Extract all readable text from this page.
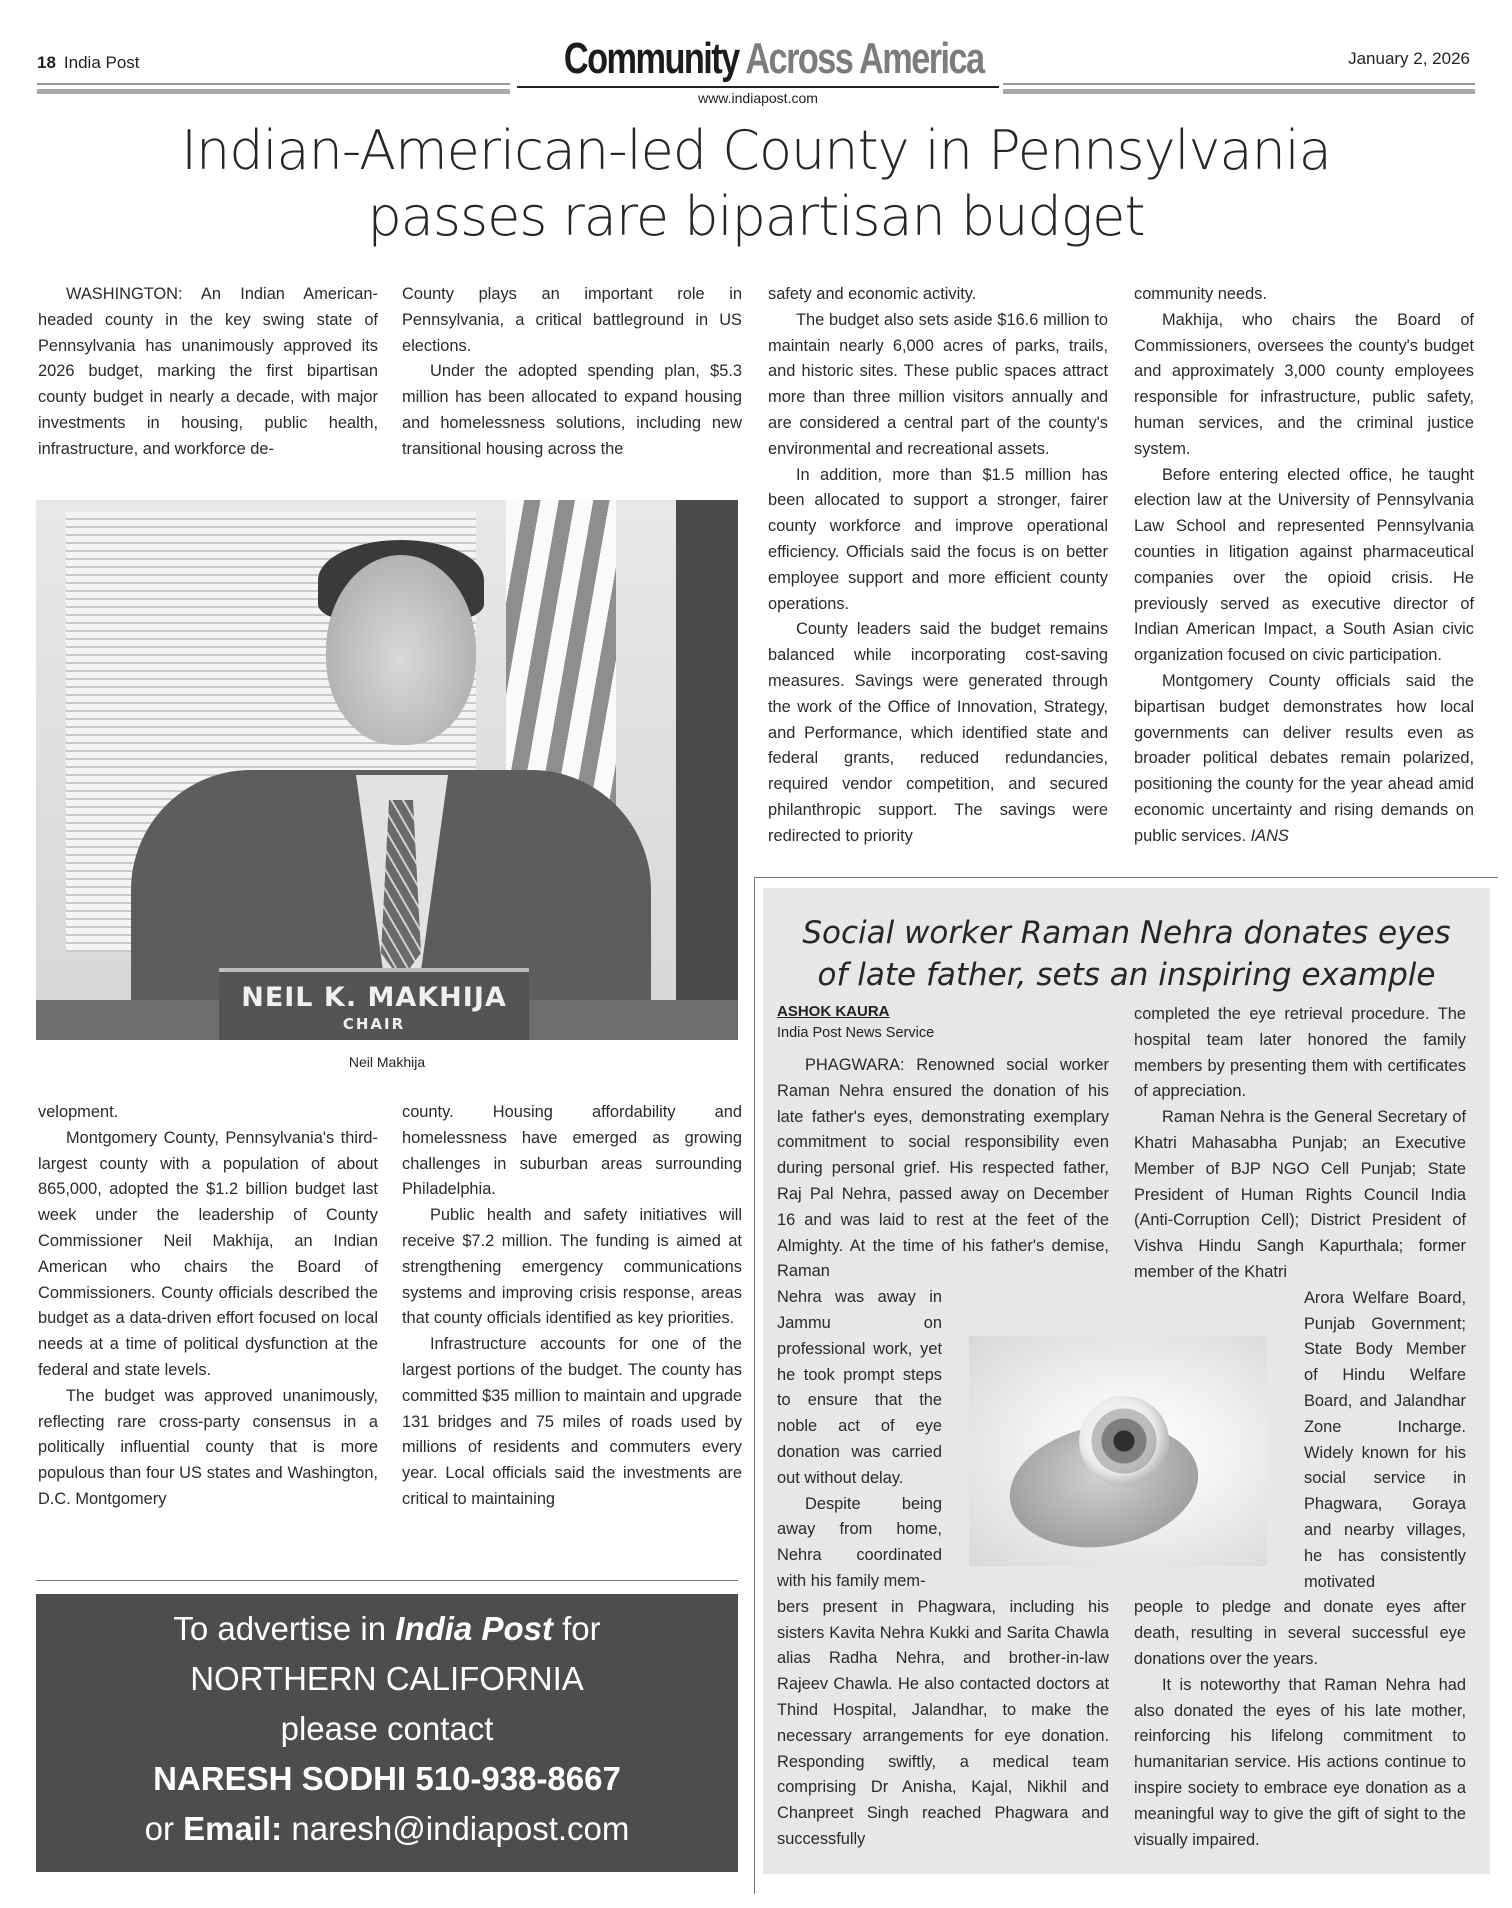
18 India Post	Community Across America	January 2, 2026
www.indiapost.com
Indian-American-led County in Pennsylvania
passes rare bipartisan budget

WASHINGTON: An Indian American-headed county in the key swing state of Pennsylvania has unanimously approved its 2026 budget, marking the first bipartisan county budget in nearly a decade, with major investments in housing, public health, infrastructure, and workforce de-

County plays an important role in Pennsylvania, a critical battleground in US elections.

Under the adopted spending plan, $5.3 million has been allocated to expand housing and homelessness solutions, including new transitional housing across the

NEIL K. MAKHIJA
CHAIR
Neil Makhija

velopment.

Montgomery County, Pennsylvania's third-largest county with a population of about 865,000, adopted the $1.2 billion budget last week under the leadership of County Commissioner Neil Makhija, an Indian American who chairs the Board of Commissioners. County officials described the budget as a data-driven effort focused on local needs at a time of political dysfunction at the federal and state levels.

The budget was approved unanimously, reflecting rare cross-party consensus in a politically influential county that is more populous than four US states and Washington, D.C. Montgomery

county. Housing affordability and homelessness have emerged as growing challenges in suburban areas surrounding Philadelphia.

Public health and safety initiatives will receive $7.2 million. The funding is aimed at strengthening emergency communications systems and improving crisis response, areas that county officials identified as key priorities.

Infrastructure accounts for one of the largest portions of the budget. The county has committed $35 million to maintain and upgrade 131 bridges and 75 miles of roads used by millions of residents and commuters every year. Local officials said the investments are critical to maintaining

safety and economic activity.

The budget also sets aside $16.6 million to maintain nearly 6,000 acres of parks, trails, and historic sites. These public spaces attract more than three million visitors annually and are considered a central part of the county's environmental and recreational assets.

In addition, more than $1.5 million has been allocated to support a stronger, fairer county workforce and improve operational efficiency. Officials said the focus is on better employee support and more efficient county operations.

County leaders said the budget remains balanced while incorporating cost-saving measures. Savings were generated through the work of the Office of Innovation, Strategy, and Performance, which identified state and federal grants, reduced redundancies, required vendor competition, and secured philanthropic support. The savings were redirected to priority

community needs.

Makhija, who chairs the Board of Commissioners, oversees the county's budget and approximately 3,000 county employees responsible for infrastructure, public safety, human services, and the criminal justice system.

Before entering elected office, he taught election law at the University of Pennsylvania Law School and represented Pennsylvania counties in litigation against pharmaceutical companies over the opioid crisis. He previously served as executive director of Indian American Impact, a South Asian civic organization focused on civic participation.

Montgomery County officials said the bipartisan budget demonstrates how local governments can deliver results even as broader political debates remain polarized, positioning the county for the year ahead amid economic uncertainty and rising demands on public services. IANS

To advertise in India Post for
NORTHERN CALIFORNIA
please contact
NARESH SODHI 510-938-8667
or Email: naresh@indiapost.com
Social worker Raman Nehra donates eyes
of late father, sets an inspiring example
ASHOK KAURA
India Post News Service

PHAGWARA: Renowned social worker Raman Nehra ensured the donation of his late father's eyes, demonstrating exemplary commitment to social responsibility even during personal grief. His respected father, Raj Pal Nehra, passed away on December 16 and was laid to rest at the feet of the Almighty. At the time of his father's demise, Raman

Nehra was away in Jammu on professional work, yet he took prompt steps to ensure that the noble act of eye donation was carried out without delay.

Despite being away from home, Nehra coordinated with his family mem-

bers present in Phagwara, including his sisters Kavita Nehra Kukki and Sarita Chawla alias Radha Nehra, and brother-in-law Rajeev Chawla. He also contacted doctors at Thind Hospital, Jalandhar, to make the necessary arrangements for eye donation. Responding swiftly, a medical team comprising Dr Anisha, Kajal, Nikhil and Chanpreet Singh reached Phagwara and successfully

completed the eye retrieval procedure. The hospital team later honored the family members by presenting them with certificates of appreciation.

Raman Nehra is the General Secretary of Khatri Mahasabha Punjab; an Executive Member of BJP NGO Cell Punjab; State President of Human Rights Council India (Anti-Corruption Cell); District President of Vishva Hindu Sangh Kapurthala; former member of the Khatri

Arora Welfare Board, Punjab Government; State Body Member of Hindu Welfare Board, and Jalandhar Zone Incharge. Widely known for his social service in Phagwara, Goraya and nearby villages, he has consistently motivated

people to pledge and donate eyes after death, resulting in several successful eye donations over the years.

It is noteworthy that Raman Nehra had also donated the eyes of his late mother, reinforcing his lifelong commitment to humanitarian service. His actions continue to inspire society to embrace eye donation as a meaningful way to give the gift of sight to the visually impaired.
